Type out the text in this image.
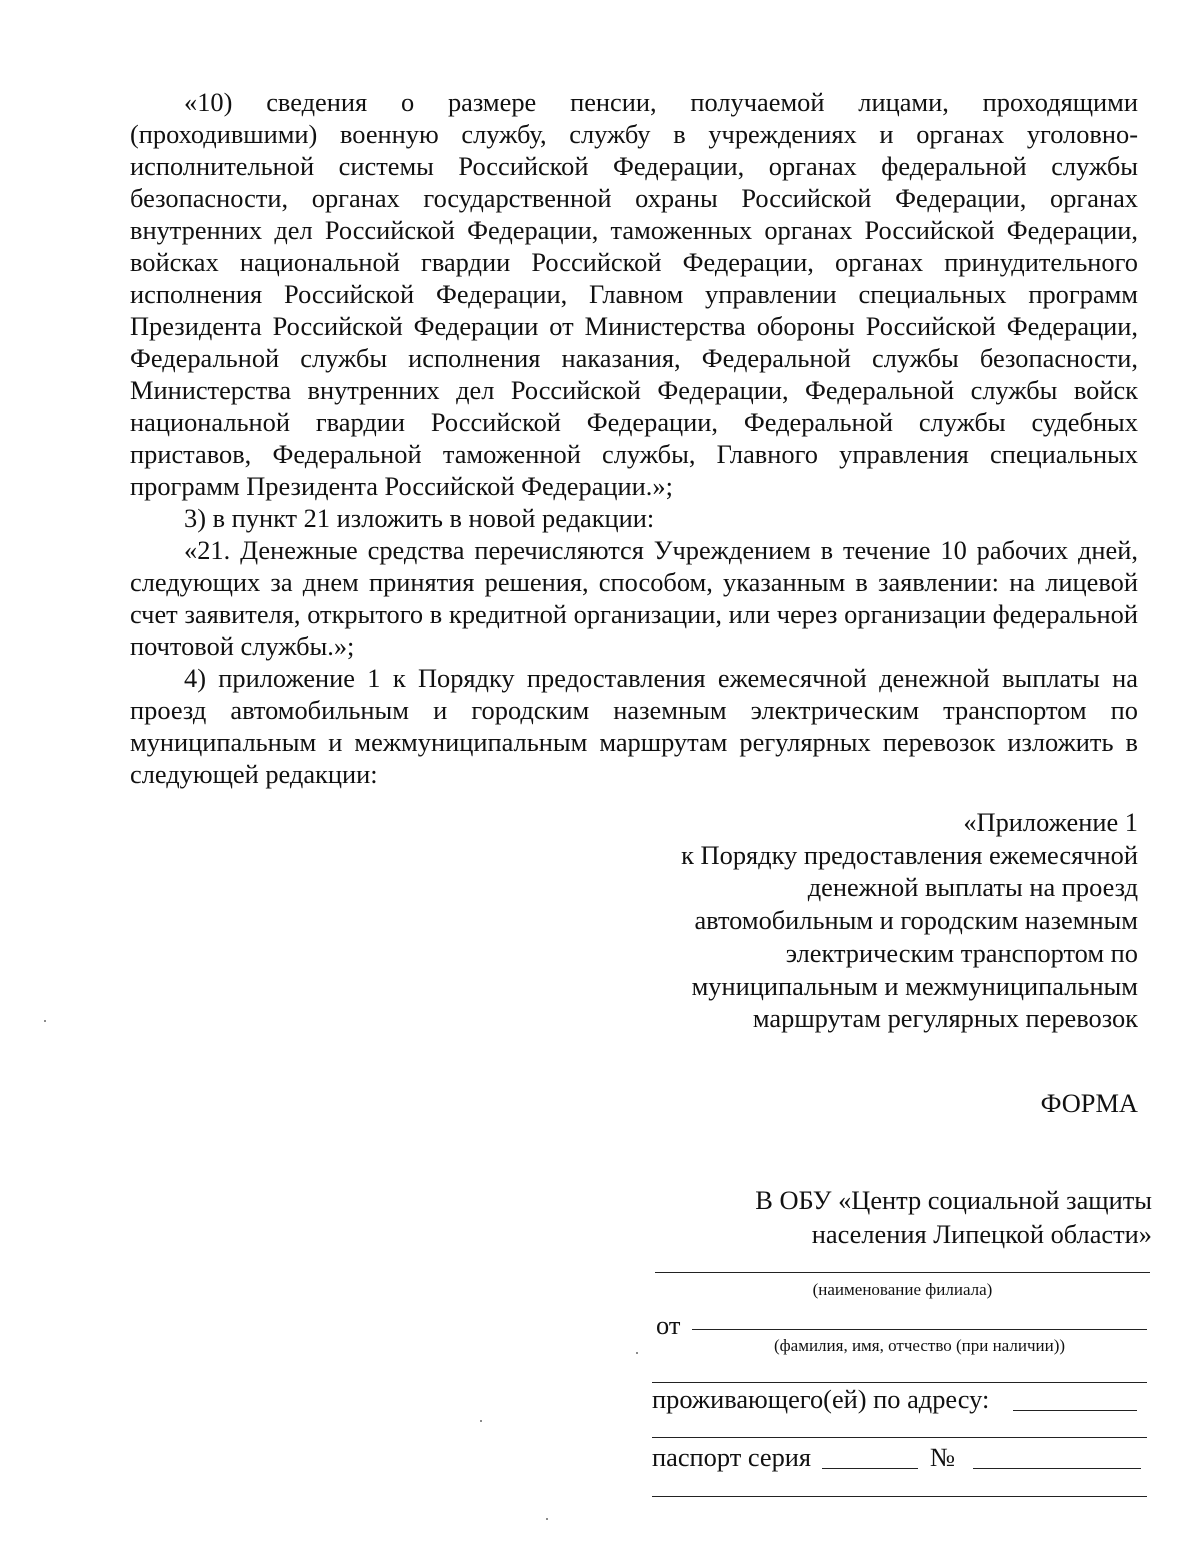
«10) сведения о размере пенсии, получаемой лицами, проходящими (проходившими) военную службу, службу в учреждениях и органах уголовно-исполнительной системы Российской Федерации, органах федеральной службы безопасности, органах государственной охраны Российской Федерации, органах внутренних дел Российской Федерации, таможенных органах Российской Федерации, войсках национальной гвардии Российской Федерации, органах принудительного исполнения Российской Федерации, Главном управлении специальных программ Президента Российской Федерации от Министерства обороны Российской Федерации, Федеральной службы исполнения наказания, Федеральной службы безопасности, Министерства внутренних дел Российской Федерации, Федеральной службы войск национальной гвардии Российской Федерации, Федеральной службы судебных приставов, Федеральной таможенной службы, Главного управления специальных программ Президента Российской Федерации.»;

3) в пункт 21 изложить в новой редакции:

«21. Денежные средства перечисляются Учреждением в течение 10 рабочих дней, следующих за днем принятия решения, способом, указанным в заявлении: на лицевой счет заявителя, открытого в кредитной организации, или через организации федеральной почтовой службы.»;

4) приложение 1 к Порядку предоставления ежемесячной денежной выплаты на проезд автомобильным и городским наземным электрическим транспортом по муниципальным и межмуниципальным маршрутам регулярных перевозок изложить в следующей редакции:

«Приложение 1
к Порядку предоставления ежемесячной
денежной выплаты на проезд
автомобильным и городским наземным
электрическим транспортом по
муниципальным и межмуниципальным
маршрутам регулярных перевозок
ФОРМА
В ОБУ «Центр социальной защиты
населения Липецкой области»
(наименование филиала)
от
(фамилия, имя, отчество (при наличии))
проживающего(ей) по адресу:
паспорт серия	№
